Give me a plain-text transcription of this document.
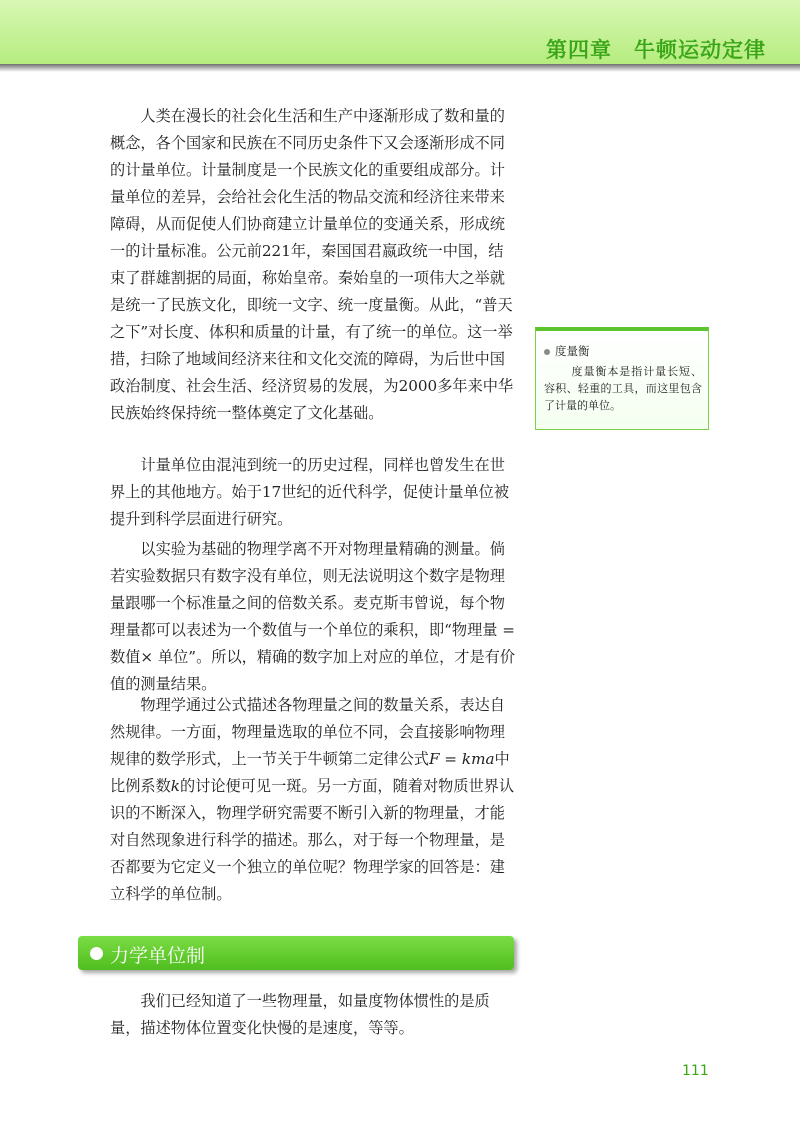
第四章　牛顿运动定律

人类在漫长的社会化生活和生产中逐渐形成了数和量的概念，各个国家和民族在不同历史条件下又会逐渐形成不同的计量单位。计量制度是一个民族文化的重要组成部分。计量单位的差异，会给社会化生活的物品交流和经济往来带来障碍，从而促使人们协商建立计量单位的变通关系，形成统一的计量标准。公元前221年，秦国国君嬴政统一中国，结束了群雄割据的局面，称始皇帝。秦始皇的一项伟大之举就是统一了民族文化，即统一文字、统一度量衡。从此，“普天之下”对长度、体积和质量的计量，有了统一的单位。这一举措，扫除了地域间经济来往和文化交流的障碍，为后世中国政治制度、社会生活、经济贸易的发展，为2000多年来中华民族始终保持统一整体奠定了文化基础。

计量单位由混沌到统一的历史过程，同样也曾发生在世界上的其他地方。始于17世纪的近代科学，促使计量单位被提升到科学层面进行研究。

以实验为基础的物理学离不开对物理量精确的测量。倘若实验数据只有数字没有单位，则无法说明这个数字是物理量跟哪一个标准量之间的倍数关系。麦克斯韦曾说，每个物理量都可以表述为一个数值与一个单位的乘积，即“物理量 = 数值× 单位”。所以，精确的数字加上对应的单位，才是有价值的测量结果。

物理学通过公式描述各物理量之间的数量关系，表达自然规律。一方面，物理量选取的单位不同，会直接影响物理规律的数学形式，上一节关于牛顿第二定律公式F = kma中比例系数k的讨论便可见一斑。另一方面，随着对物质世界认识的不断深入，物理学研究需要不断引入新的物理量，才能对自然现象进行科学的描述。那么，对于每一个物理量，是否都要为它定义一个独立的单位呢？物理学家的回答是：建立科学的单位制。

度量衡

度量衡本是指计量长短、容积、轻重的工具，而这里包含了计量的单位。

力学单位制

我们已经知道了一些物理量，如量度物体惯性的是质量，描述物体位置变化快慢的是速度，等等。

111
